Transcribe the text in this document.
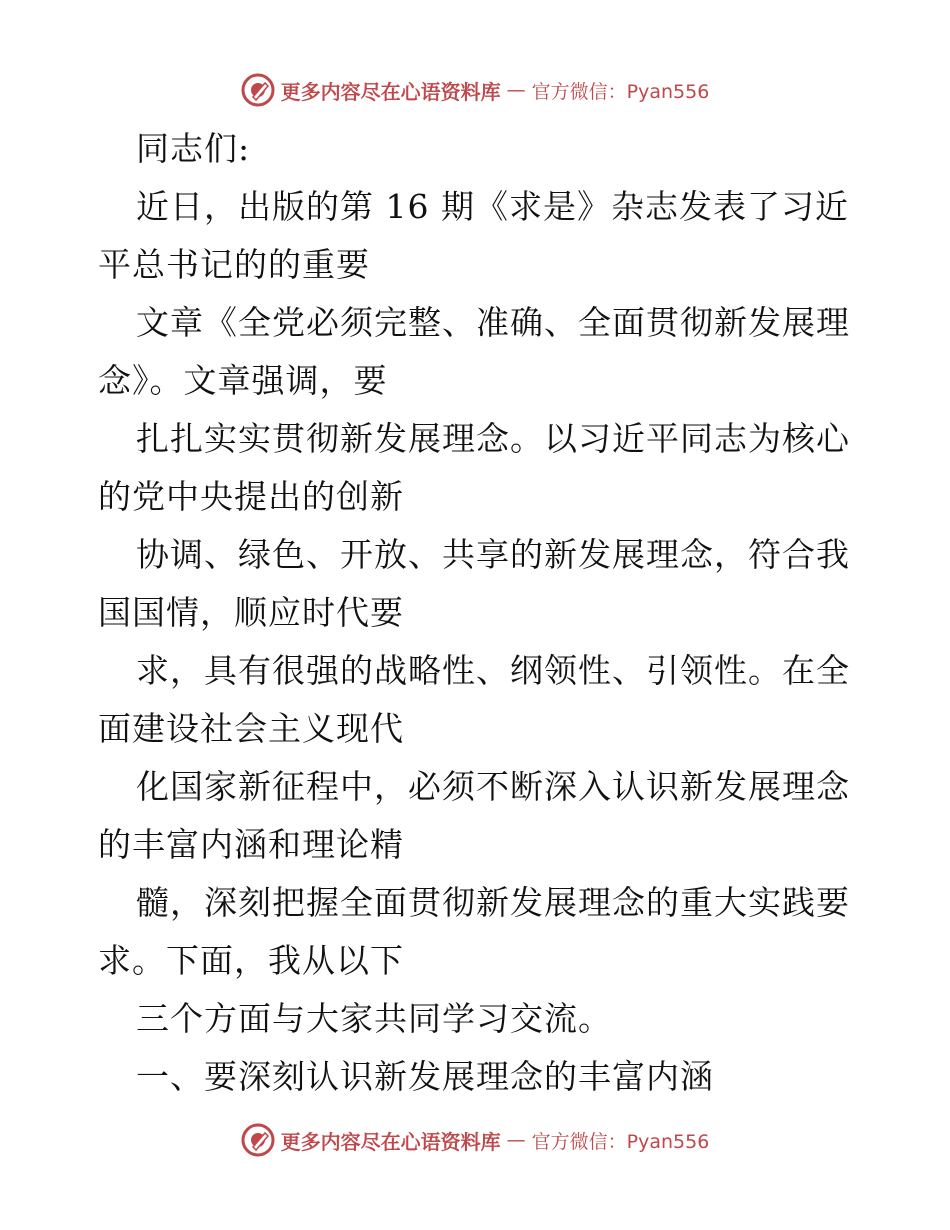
更多内容尽在心语资料库 — 官方微信：Pyan556
同志们:
近日，出版的第 16 期《求是》杂志发表了习近
平总书记的的重要
文章《全党必须完整、准确、全面贯彻新发展理
念》。文章强调，要
扎扎实实贯彻新发展理念。以习近平同志为核心
的党中央提出的创新
协调、绿色、开放、共享的新发展理念，符合我
国国情，顺应时代要
求，具有很强的战略性、纲领性、引领性。在全
面建设社会主义现代
化国家新征程中，必须不断深入认识新发展理念
的丰富内涵和理论精
髓，深刻把握全面贯彻新发展理念的重大实践要
求。下面，我从以下
三个方面与大家共同学习交流。
一、要深刻认识新发展理念的丰富内涵
更多内容尽在心语资料库 — 官方微信：Pyan556
